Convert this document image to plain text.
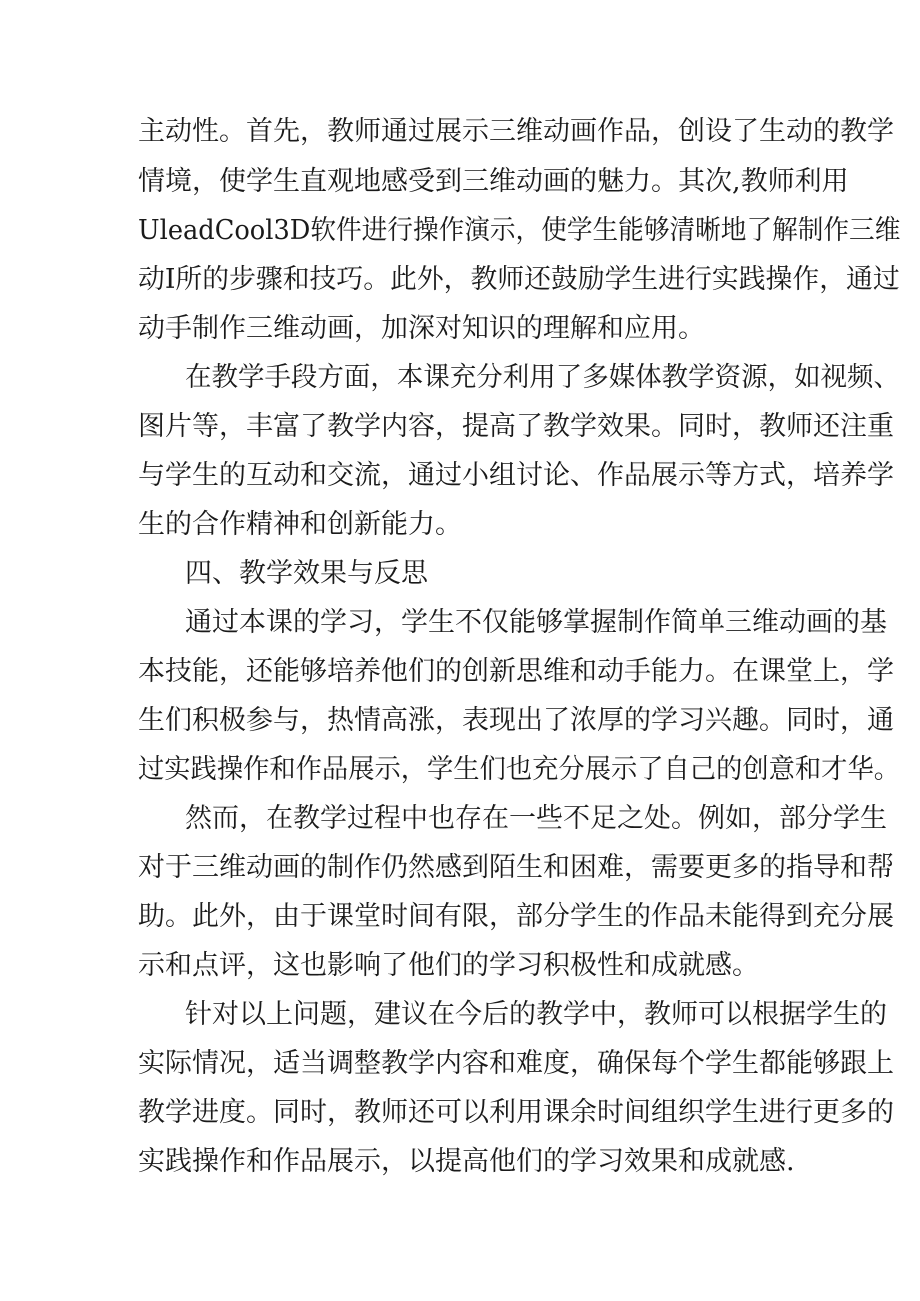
主动性。首先，教师通过展示三维动画作品，创设了生动的教学
情境，使学生直观地感受到三维动画的魅力。其次,教师利用
UleadCool3D软件进行操作演示，使学生能够清晰地了解制作三维
动I所的步骤和技巧。此外，教师还鼓励学生进行实践操作，通过
动手制作三维动画，加深对知识的理解和应用。
在教学手段方面，本课充分利用了多媒体教学资源，如视频、
图片等，丰富了教学内容，提高了教学效果。同时，教师还注重
与学生的互动和交流，通过小组讨论、作品展示等方式，培养学
生的合作精神和创新能力。
四、教学效果与反思
通过本课的学习，学生不仅能够掌握制作简单三维动画的基
本技能，还能够培养他们的创新思维和动手能力。在课堂上，学
生们积极参与，热情高涨，表现出了浓厚的学习兴趣。同时，通
过实践操作和作品展示，学生们也充分展示了自己的创意和才华。
然而，在教学过程中也存在一些不足之处。例如，部分学生
对于三维动画的制作仍然感到陌生和困难，需要更多的指导和帮
助。此外，由于课堂时间有限，部分学生的作品未能得到充分展
示和点评，这也影响了他们的学习积极性和成就感。
针对以上问题，建议在今后的教学中，教师可以根据学生的
实际情况，适当调整教学内容和难度，确保每个学生都能够跟上
教学进度。同时，教师还可以利用课余时间组织学生进行更多的
实践操作和作品展示，以提高他们的学习效果和成就感.
